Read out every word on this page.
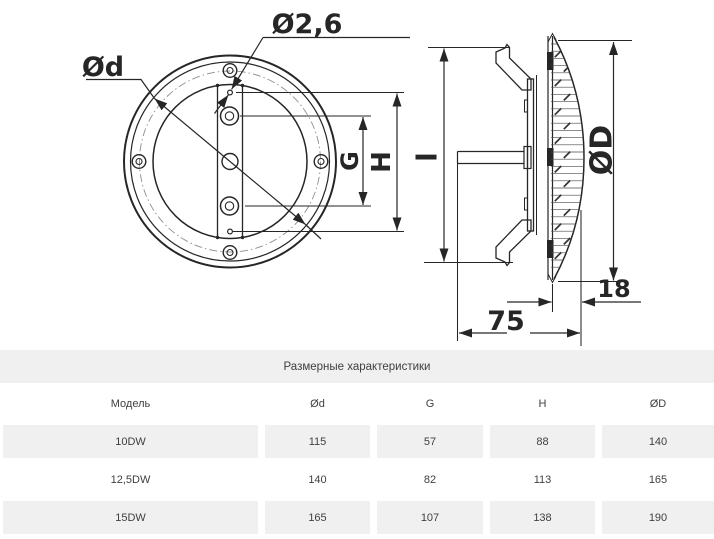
Ø2,6
Ød
G H l	ØD
18
75
Размерные характеристики
Модель	Ød	G	H	ØD
10DW	115	57	88	140
12,5DW	140	82	113	165
15DW	165	107	138	190
